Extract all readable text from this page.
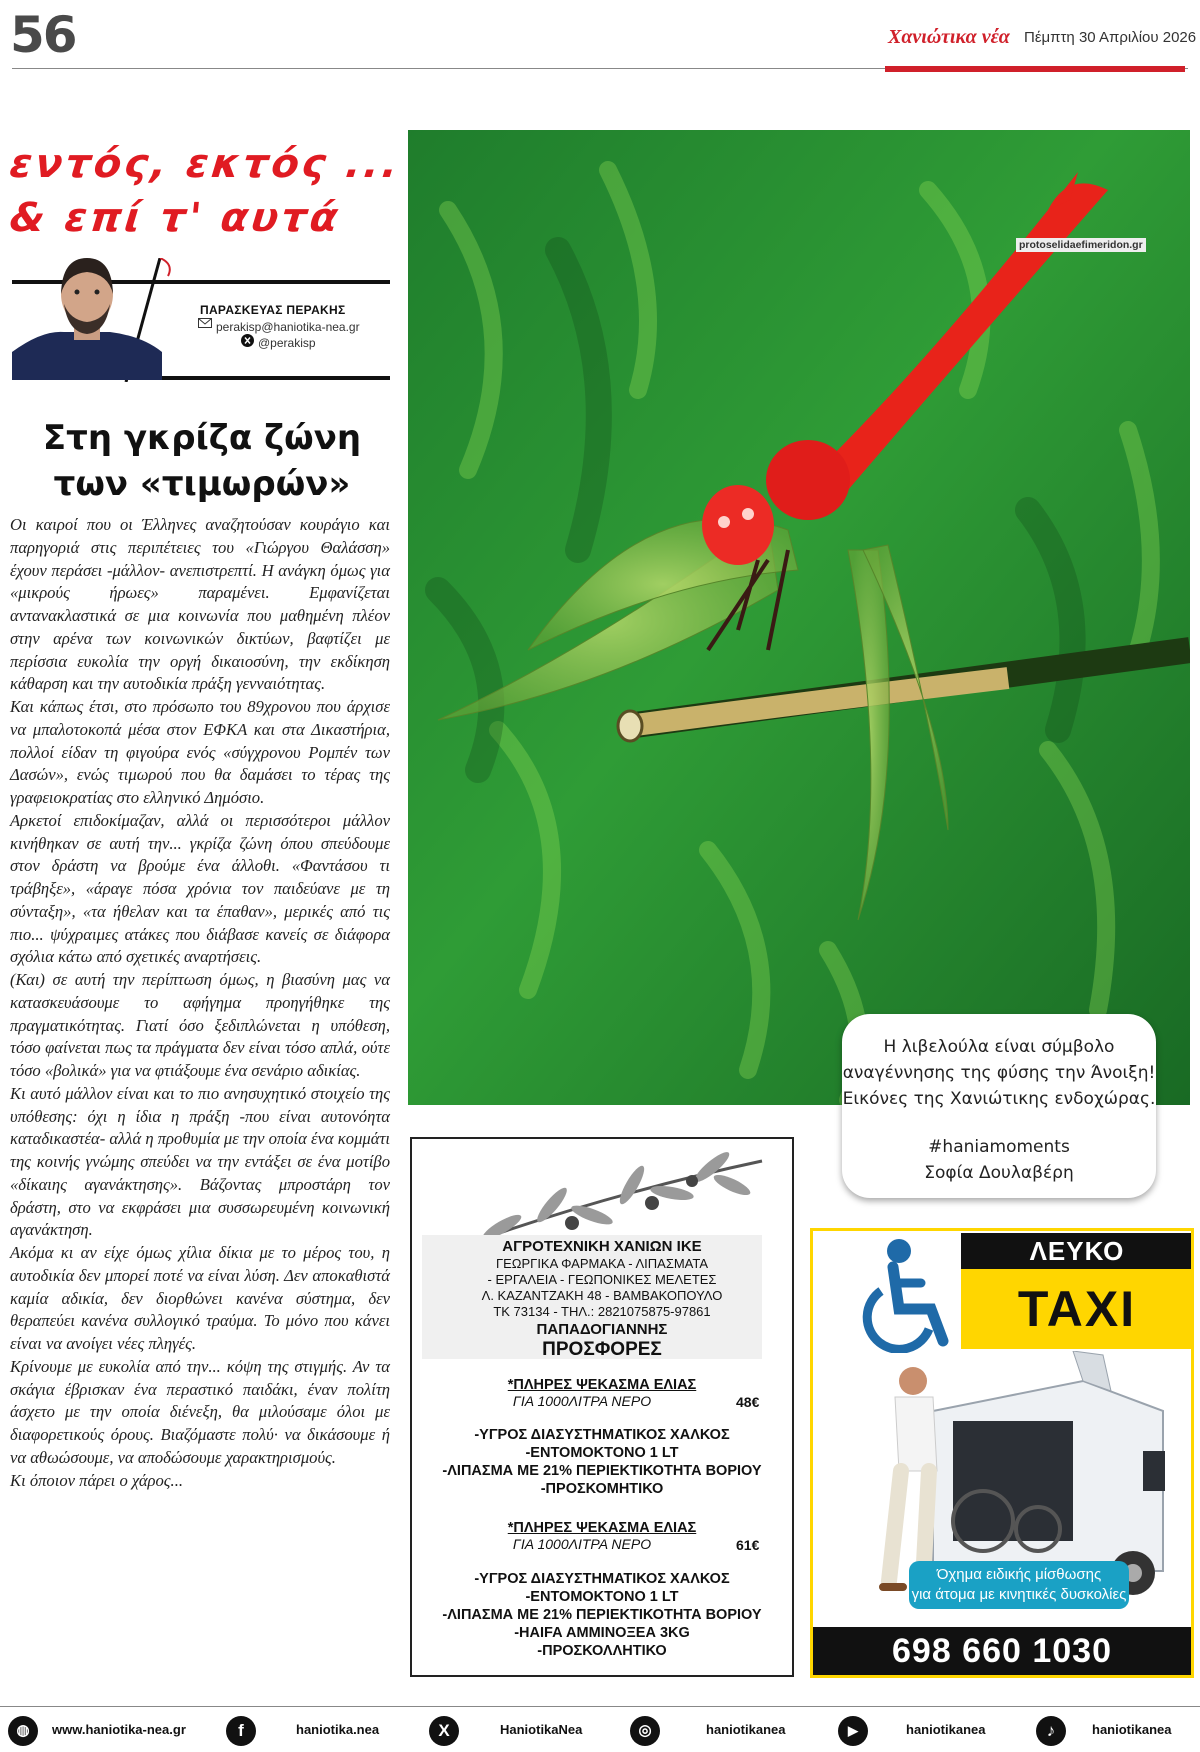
56	Χανιώτικα νέα Πέμπτη 30 Απριλίου 2026
εντός, εκτός ...
& επί τ' αυτά
ΠΑΡΑΣΚΕΥΑΣ ΠΕΡΑΚΗΣ
perakisp@haniotika-nea.gr
@perakisp
Στη γκρίζα ζώνη
των «τιμωρών»

Οι καιροί που οι Έλληνες αναζητούσαν κουράγιο και παρηγοριά στις περιπέτειες του «Γιώργου Θαλάσση» έχουν περάσει -μάλλον- ανεπιστρεπτί. Η ανάγκη όμως για «μικρούς ήρωες» παραμένει. Εμφανίζεται αντανακλαστικά σε μια κοινωνία που μαθημένη πλέον στην αρένα των κοινωνικών δικτύων, βαφτίζει με περίσσια ευκολία την οργή δικαιοσύνη, την εκδίκηση κάθαρση και την αυτοδικία πράξη γενναιότητας.

Και κάπως έτσι, στο πρόσωπο του 89χρονου που άρχισε να μπαλοτοκοπά μέσα στον ΕΦΚΑ και στα Δικαστήρια, πολλοί είδαν τη φιγούρα ενός «σύγχρονου Ρομπέν των Δασών», ενώς τιμωρού που θα δαμάσει το τέρας της γραφειοκρατίας στο ελληνικό Δημόσιο.

Αρκετοί επιδοκίμαζαν, αλλά οι περισσότεροι μάλλον κινήθηκαν σε αυτή την... γκρίζα ζώνη όπου σπεύδουμε στον δράστη να βρούμε ένα άλλοθι. «Φαντάσου τι τράβηξε», «άραγε πόσα χρόνια τον παιδεύανε με τη σύνταξη», «τα ήθελαν και τα έπαθαν», μερικές από τις πιο... ψύχραιμες ατάκες που διάβασε κανείς σε διάφορα σχόλια κάτω από σχετικές αναρτήσεις.

(Και) σε αυτή την περίπτωση όμως, η βιασύνη μας να κατασκευάσουμε το αφήγημα προηγήθηκε της πραγματικότητας. Γιατί όσο ξεδιπλώνεται η υπόθεση, τόσο φαίνεται πως τα πράγματα δεν είναι τόσο απλά, ούτε τόσο «βολικά» για να φτιάξουμε ένα σενάριο αδικίας.

Κι αυτό μάλλον είναι και το πιο ανησυχητικό στοιχείο της υπόθεσης: όχι η ίδια η πράξη -που είναι αυτονόητα καταδικαστέα- αλλά η προθυμία με την οποία ένα κομμάτι της κοινής γνώμης σπεύδει να την εντάξει σε ένα μοτίβο «δίκαιης αγανάκτησης». Βάζοντας μπροστάρη τον δράστη, στο να εκφράσει μια συσσωρευμένη κοινωνική αγανάκτηση.

Ακόμα κι αν είχε όμως χίλια δίκια με το μέρος του, η αυτοδικία δεν μπορεί ποτέ να είναι λύση. Δεν αποκαθιστά καμία αδικία, δεν διορθώνει κανένα σύστημα, δεν θεραπεύει κανένα συλλογικό τραύμα. Το μόνο που κάνει είναι να ανοίγει νέες πληγές.

Κρίνουμε με ευκολία από την... κόψη της στιγμής. Αν τα σκάγια έβρισκαν ένα περαστικό παιδάκι, έναν πολίτη άσχετο με την οποία διένεξη, θα μιλούσαμε όλοι με διαφορετικούς όρους. Βιαζόμαστε πολύ· να δικάσουμε ή να αθωώσουμε, να αποδώσουμε χαρακτηρισμούς.

Κι όποιον πάρει ο χάρος...

protoselidaefimeridon.gr
Η λιβελούλα είναι σύμβολο
αναγέννησης της φύσης την Άνοιξη!
Εικόνες της Χανιώτικης ενδοχώρας.
#haniamoments
Σοφία Δουλαβέρη
ΑΓΡΟΤΕΧΝΙΚΗ ΧΑΝΙΩΝ ΙΚΕ
ΓΕΩΡΓΙΚΑ ΦΑΡΜΑΚΑ - ΛΙΠΑΣΜΑΤΑ
- ΕΡΓΑΛΕΙΑ - ΓΕΩΠΟΝΙΚΕΣ ΜΕΛΕΤΕΣ
Λ. ΚΑΖΑΝΤΖΑΚΗ 48 - ΒΑΜΒΑΚΟΠΟΥΛΟ
ΤΚ 73134 - ΤΗΛ.: 2821075875-97861
ΠΑΠΑΔΟΓΙΑΝΝΗΣ
ΠΡΟΣΦΟΡΕΣ
*ΠΛΗΡΕΣ ΨΕΚΑΣΜΑ ΕΛΙΑΣ
ΓΙΑ 1000ΛΙΤΡΑ ΝΕΡΟ	48€
-ΥΓΡΟΣ ΔΙΑΣΥΣΤΗΜΑΤΙΚΟΣ ΧΑΛΚΟΣ
-ΕΝΤΟΜΟΚΤΟΝΟ 1 LT
-ΛΙΠΑΣΜΑ ΜΕ 21% ΠΕΡΙΕΚΤΙΚΟΤΗΤΑ ΒΟΡΙΟΥ
-ΠΡΟΣΚΟΜΗΤΙΚΟ
*ΠΛΗΡΕΣ ΨΕΚΑΣΜΑ ΕΛΙΑΣ
ΓΙΑ 1000ΛΙΤΡΑ ΝΕΡΟ	61€
-ΥΓΡΟΣ ΔΙΑΣΥΣΤΗΜΑΤΙΚΟΣ ΧΑΛΚΟΣ
-ΕΝΤΟΜΟΚΤΟΝΟ 1 LT
-ΛΙΠΑΣΜΑ ΜΕ 21% ΠΕΡΙΕΚΤΙΚΟΤΗΤΑ ΒΟΡΙΟΥ
-HAIFA ΑΜΜΙΝΟΞΕΑ 3KG
-ΠΡΟΣΚΟΛΛΗΤΙΚΟ
ΛΕΥΚΟ
TAXI
Όχημα ειδικής μίσθωσης
για άτομα με κινητικές δυσκολίες
698 660 1030
◍	www.haniotika-nea.gr	f	haniotika.nea	X	HaniotikaNea	◎	haniotikanea	▶	haniotikanea	♪	haniotikanea
